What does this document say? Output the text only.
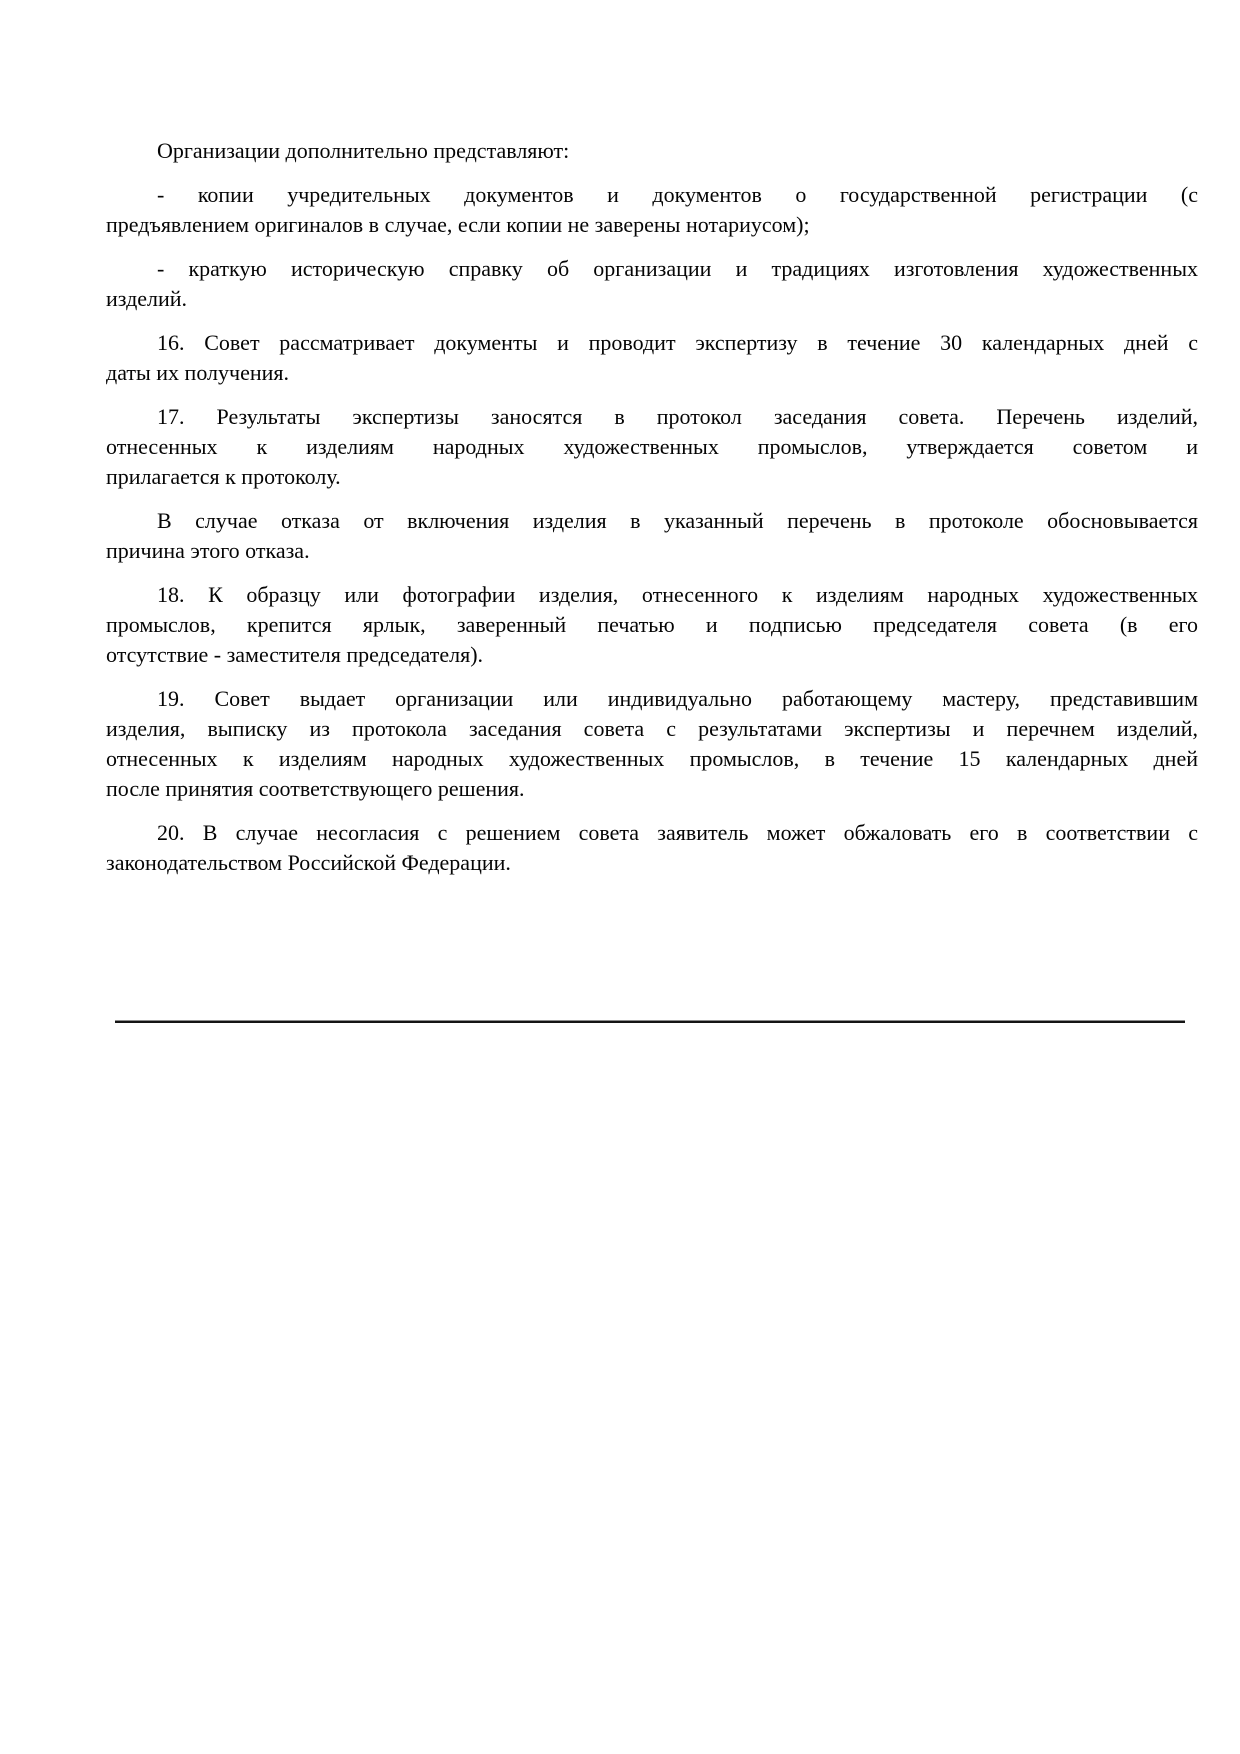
Организации дополнительно представляют:

- копии учредительных документов и документов о государственной регистрации (с
предъявлением оригиналов в случае, если копии не заверены нотариусом);

- краткую историческую справку об организации и традициях изготовления художественных
изделий.

16. Совет рассматривает документы и проводит экспертизу в течение 30 календарных дней с
даты их получения.

17. Результаты экспертизы заносятся в протокол заседания совета. Перечень изделий,
отнесенных к изделиям народных художественных промыслов, утверждается советом и
прилагается к протоколу.

В случае отказа от включения изделия в указанный перечень в протоколе обосновывается
причина этого отказа.

18. К образцу или фотографии изделия, отнесенного к изделиям народных художественных
промыслов, крепится ярлык, заверенный печатью и подписью председателя совета (в его
отсутствие - заместителя председателя).

19. Совет выдает организации или индивидуально работающему мастеру, представившим
изделия, выписку из протокола заседания совета с результатами экспертизы и перечнем изделий,
отнесенных к изделиям народных художественных промыслов, в течение 15 календарных дней
после принятия соответствующего решения.

20. В случае несогласия с решением совета заявитель может обжаловать его в соответствии с
законодательством Российской Федерации.
